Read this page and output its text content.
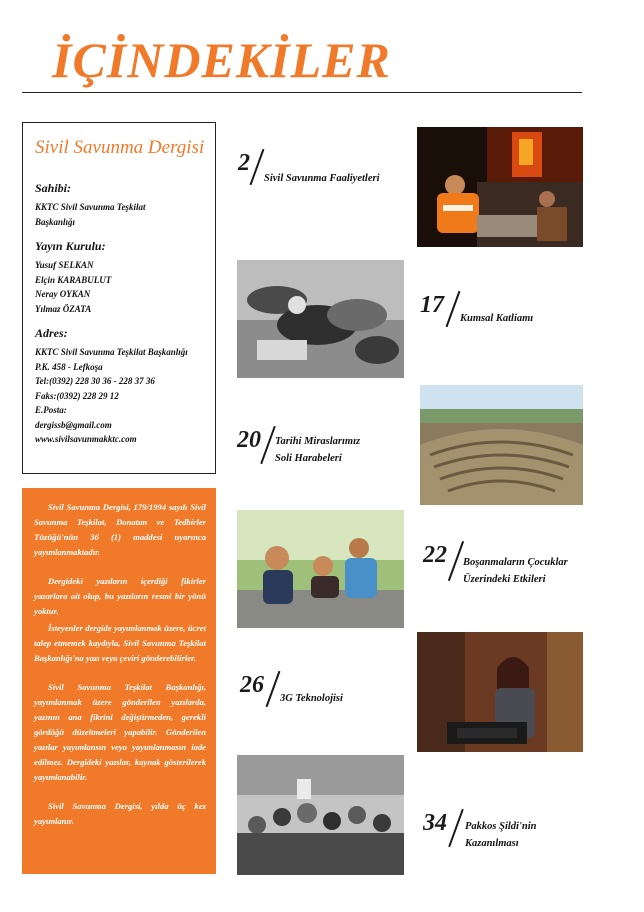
İÇİNDEKİLER
Sivil Savunma Dergisi
Sahibi:
KKTC Sivil Savunma Teşkilat
Başkanlığı
Yayın Kurulu:
Yusuf SELKAN
Elçin KARABULUT
Neray OYKAN
Yılmaz ÖZATA
Adres:
KKTC Sivil Savunma Teşkilat Başkanlığı
P.K. 458 - Lefkoşa
Tel:(0392) 228 30 36 - 228 37 36
Faks:(0392) 228 29 12
E.Posta:
dergissb@gmail.com
www.sivilsavunmakktc.com

Sivil Savunma Dergisi, 179/1994 sayılı Sivil Savunma Teşkilat, Donatım ve Tedbirler Tüzüğü'nün 36 (1) maddesi uyarınca yayımlanmaktadır.

Dergideki yazıların içerdiği fikirler yazarlara ait olup, bu yazıların resmi bir yönü yoktur.

İsteyenler dergide yayımlanmak üzere, ücret talep etmemek kaydıyla, Sivil Savunma Teşkilat Başkanlığı'na yazı veya çeviri gönderebilirler.

Sivil Savunma Teşkilat Başkanlığı, yayımlanmak üzere gönderilen yazılarda, yazının ana fikrini değiştirmeden, gerekli gördüğü düzeltmeleri yapabilir. Gönderilen yazılar yayımlansın veya yayımlanmasın iade edilmez. Dergideki yazılar, kaynak gösterilerek yayımlanabilir.

Sivil Savunma Dergisi, yılda üç kez yayımlanır.

2
Sivil Savunma Faaliyetleri
17
Kumsal Katliamı
20 Tarihi Miraslarımız
Soli Harabeleri
22 Boşanmaların Çocuklar
Üzerindeki Etkileri
26
3G Teknolojisi
34 Pakkos Şildi'nin
Kazanılması
